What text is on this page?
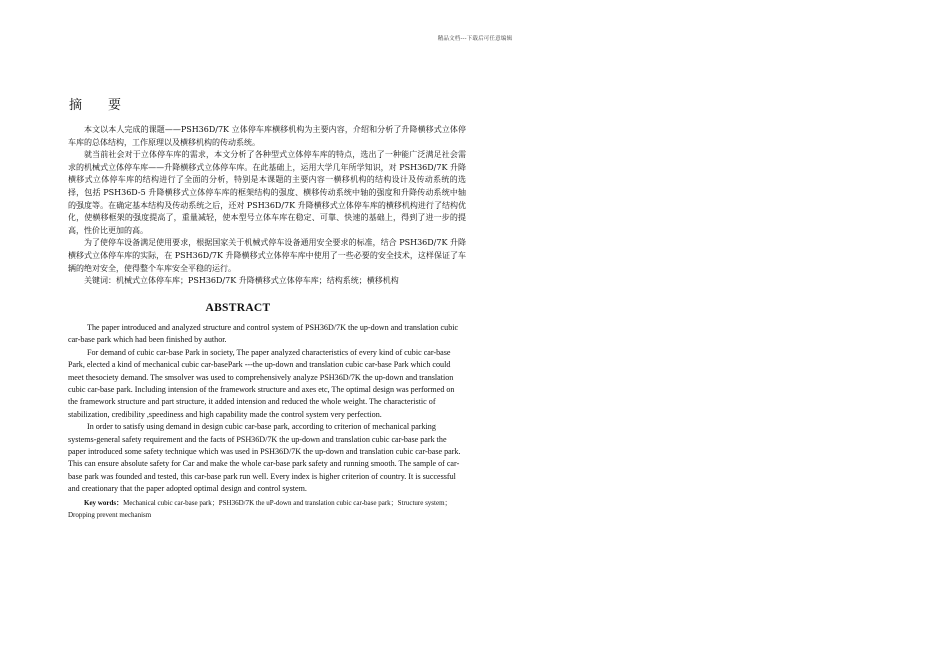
精品文档---下载后可任意编辑
摘 要

本文以本人完成的课题——PSH36D/7K 立体停车库横移机构为主要内容，介绍和分析了升降横移式立体停车库的总体结构，工作原理以及横移机构的传动系统。

就当前社会对于立体停车库的需求，本文分析了各种型式立体停车库的特点，选出了一种能广泛满足社会需求的机械式立体停车库——升降横移式立体停车库。在此基础上，运用大学几年所学知识，对 PSH36D/7K 升降横移式立体停车库的结构进行了全面的分析，特别是本课题的主要内容一横移机构的结构设计及传动系统的选择，包括 PSH36D-5 升降横移式立体停车库的框架结构的强度、横移传动系统中轴的强度和升降传动系统中轴的强度等。在确定基本结构及传动系统之后，还对 PSH36D/7K 升降横移式立体停车库的横移机构进行了结构优化，使横移框架的强度提高了，重量减轻，使本型号立体车库在稳定、可靠、快速的基础上，得到了进一步的提高，性价比更加的高。

为了使停车设备满足使用要求，根据国家关于机械式停车设备通用安全要求的标准，结合 PSH36D/7K 升降横移式立体停车库的实际，在 PSH36D/7K 升降横移式立体停车库中使用了一些必要的安全技术，这样保证了车辆的绝对安全，使得整个车库安全平稳的运行。

关键词：机械式立体停车库；PSH36D/7K 升降横移式立体停车库；结构系统；横移机构

ABSTRACT

The paper introduced and analyzed structure and control system of PSH36D/7K the up-down and translation cubic car-base park which had been finished by author.

For demand of cubic car-base Park in society, The paper analyzed characteristics of every kind of cubic car-base Park, elected a kind of mechanical cubic car-basePark ---the up-down and translation cubic car-base Park which could meet thesociety demand. The smsolver was used to comprehensively analyze PSH36D/7K the up-down and translation cubic car-base park. Including intension of the framework structure and axes etc, The optimal design was performed on the framework structure and part structure, it added intension and reduced the whole weight. The characteristic of stabilization, credibility ,speediness and high capability made the control system very perfection.

In order to satisfy using demand in design cubic car-base park, according to criterion of mechanical parking systems-general safety requirement and the facts of PSH36D/7K the up-down and translation cubic car-base park the paper introduced some safety technique which was used in PSH36D/7K the up-down and translation cubic car-base park. This can ensure absolute safety for Car and make the whole car-base park safety and running smooth. The sample of car-base park was founded and tested, this car-base park run well. Every index is higher criterion of country. It is successful and creationary that the paper adopted optimal design and control system.

Key words：Mechanical cubic car-base park；PSH36D/7K the uP-down and translation cubic car-base park；Structure system；Dropping prevent mechanism
